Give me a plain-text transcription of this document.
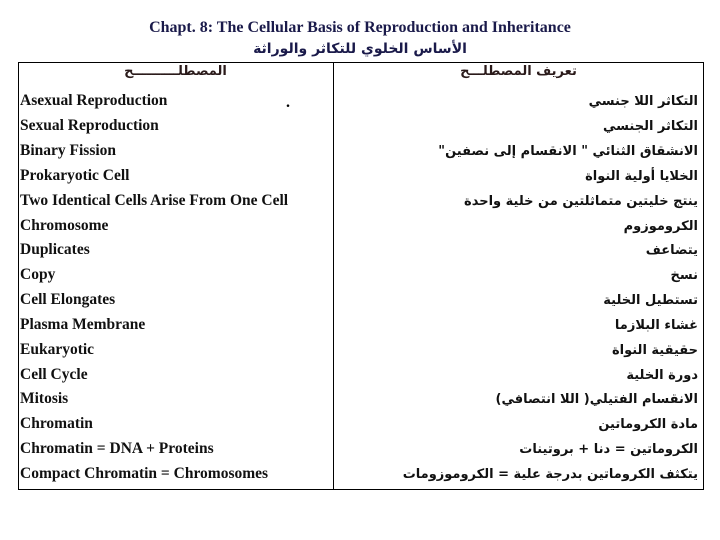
Chapt. 8: The Cellular Basis of Reproduction and Inheritance
الأساس الخلوي للتكاثر والوراثة
المصطلــــــــــح	تعريف المصطلـــح
.
Asexual Reproduction	التكاثر اللا جنسي
Sexual Reproduction	التكاثر الجنسي
Binary Fission	الانشقاق الثنائي " الانقسام إلى نصفين"
Prokaryotic Cell	الخلايا أولية النواة
Two Identical Cells Arise From One Cell	ينتج خليتين متماثلتين من خلية واحدة
Chromosome	الكروموزوم
Duplicates	يتضاعف
Copy	نسخ
Cell Elongates	تستطيل الخلية
Plasma Membrane	غشاء البلازما
Eukaryotic	حقيقية النواة
Cell Cycle	دورة الخلية
Mitosis	الانقسام الفتيلي( اللا انتصافي)
Chromatin	مادة الكروماتين
Chromatin = DNA + Proteins	الكروماتين = دنا + بروتينات
Compact Chromatin = Chromosomes	يتكثف الكروماتين بدرجة علية = الكروموزومات
